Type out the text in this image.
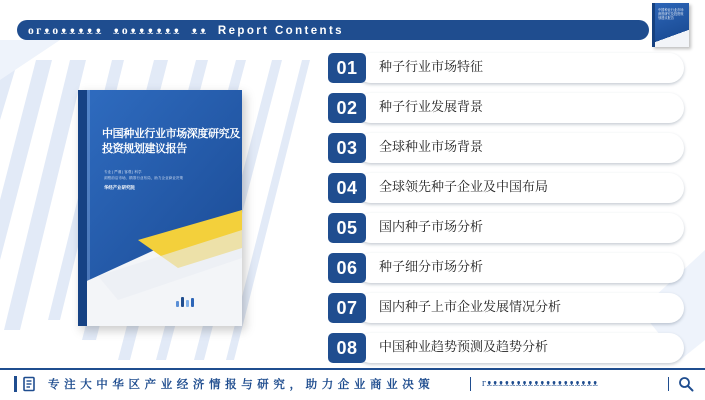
ᴏᴦᴥᴏᴥᴥᴥᴥᴥ ᴥᴏᴥᴥᴥᴥᴥᴥ ᴥᴥ Report Contents
中国种业行业市场深度研究及投资规划建议报告
中国种业行业市场深度研究及投资规划建议报告
专业 | 严谨 | 客观 | 科学
洞察前沿市场，精准行业布局，助力企业商业决策
华经产业研究院
01	种子行业市场特征
02	种子行业发展背景
03	全球种业市场背景
04	全球领先种子企业及中国布局
05	国内种子市场分析
06	种子细分市场分析
07	国内种子上市企业发展情况分析
08	中国种业趋势预测及趋势分析
专注大中华区产业经济情报与研究，助力企业商业决策	ᴦᴥᴥᴥᴥᴥᴥᴥᴥᴥᴥᴥᴥᴥᴥᴥᴥᴥᴥᴥ
